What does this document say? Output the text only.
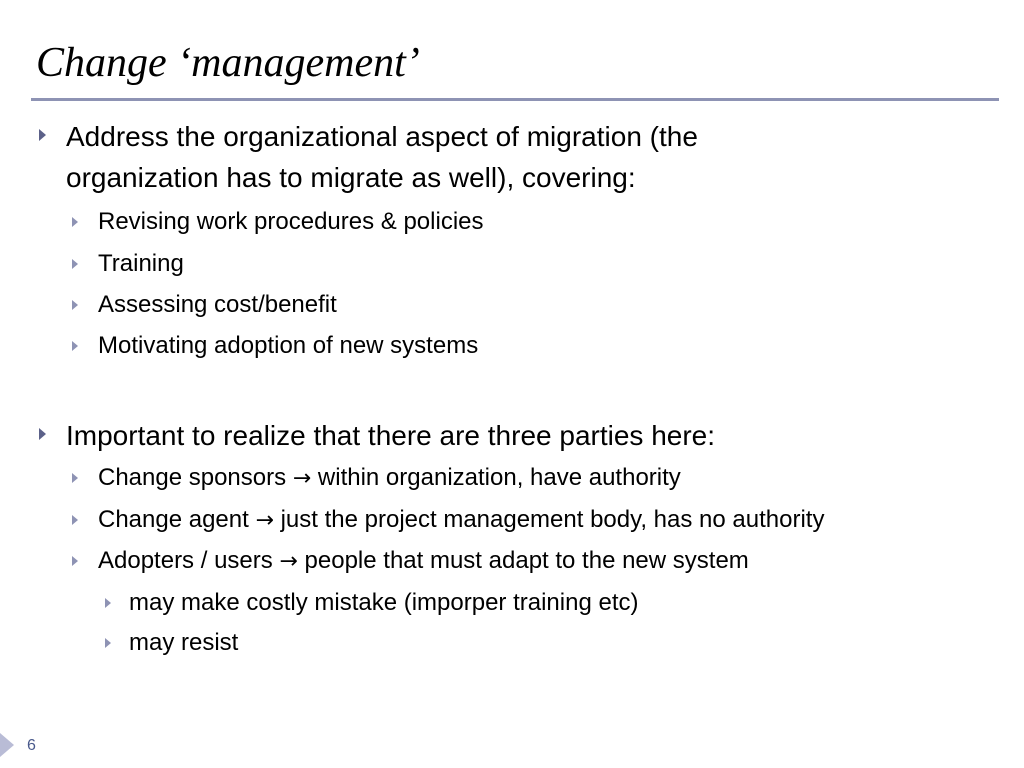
Change ‘management’
Address the organizational aspect of migration (the
organization has to migrate as well), covering:
Revising work procedures & policies
Training
Assessing cost/benefit
Motivating adoption of new systems
Important to realize that there are three parties here:
Change sponsors → within organization, have authority
Change agent → just the project management body, has no authority
Adopters / users → people that must adapt to the new system
may make costly mistake (imporper training etc)
may resist
6
